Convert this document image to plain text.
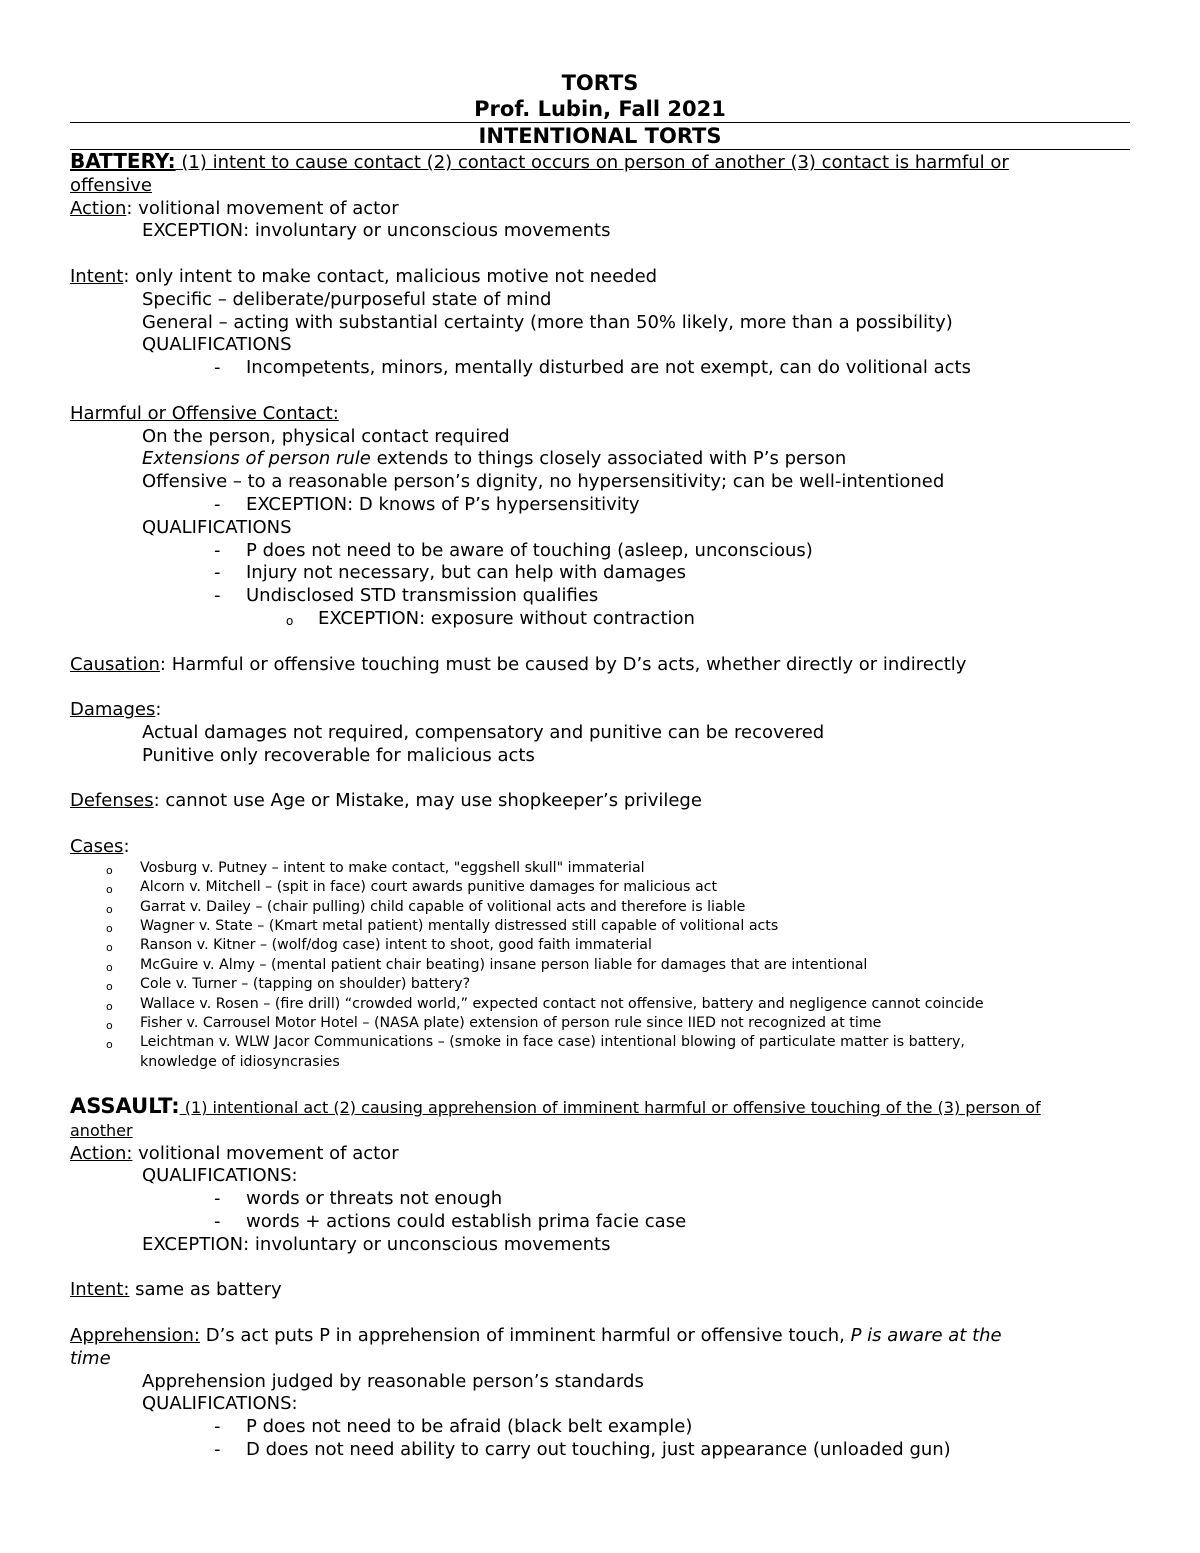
TORTS
Prof. Lubin, Fall 2021
INTENTIONAL TORTS
BATTERY: (1) intent to cause contact (2) contact occurs on person of another (3) contact is harmful or
offensive
Action: volitional movement of actor
EXCEPTION: involuntary or unconscious movements
Intent: only intent to make contact, malicious motive not needed
Specific – deliberate/purposeful state of mind
General – acting with substantial certainty (more than 50% likely, more than a possibility)
QUALIFICATIONS
-	Incompetents, minors, mentally disturbed are not exempt, can do volitional acts
Harmful or Offensive Contact:
On the person, physical contact required
Extensions of person rule extends to things closely associated with P’s person
Offensive – to a reasonable person’s dignity, no hypersensitivity; can be well-intentioned
-	EXCEPTION: D knows of P’s hypersensitivity
QUALIFICATIONS
-	P does not need to be aware of touching (asleep, unconscious)
-	Injury not necessary, but can help with damages
-	Undisclosed STD transmission qualifies
o EXCEPTION: exposure without contraction
Causation: Harmful or offensive touching must be caused by D’s acts, whether directly or indirectly
Damages:
Actual damages not required, compensatory and punitive can be recovered
Punitive only recoverable for malicious acts
Defenses: cannot use Age or Mistake, may use shopkeeper’s privilege
Cases:
o Vosburg v. Putney – intent to make contact, "eggshell skull" immaterial
o Alcorn v. Mitchell – (spit in face) court awards punitive damages for malicious act
o Garrat v. Dailey – (chair pulling) child capable of volitional acts and therefore is liable
o Wagner v. State – (Kmart metal patient) mentally distressed still capable of volitional acts
o Ranson v. Kitner – (wolf/dog case) intent to shoot, good faith immaterial
o McGuire v. Almy – (mental patient chair beating) insane person liable for damages that are intentional
o Cole v. Turner – (tapping on shoulder) battery?
o Wallace v. Rosen – (fire drill) “crowded world,” expected contact not offensive, battery and negligence cannot coincide
o Fisher v. Carrousel Motor Hotel – (NASA plate) extension of person rule since IIED not recognized at time
o Leichtman v. WLW Jacor Communications – (smoke in face case) intentional blowing of particulate matter is battery,
knowledge of idiosyncrasies
ASSAULT: (1) intentional act (2) causing apprehension of imminent harmful or offensive touching of the (3) person of
another
Action: volitional movement of actor
QUALIFICATIONS:
-	words or threats not enough
-	words + actions could establish prima facie case
EXCEPTION: involuntary or unconscious movements
Intent: same as battery
Apprehension: D’s act puts P in apprehension of imminent harmful or offensive touch, P is aware at the
time
Apprehension judged by reasonable person’s standards
QUALIFICATIONS:
-	P does not need to be afraid (black belt example)
-	D does not need ability to carry out touching, just appearance (unloaded gun)
